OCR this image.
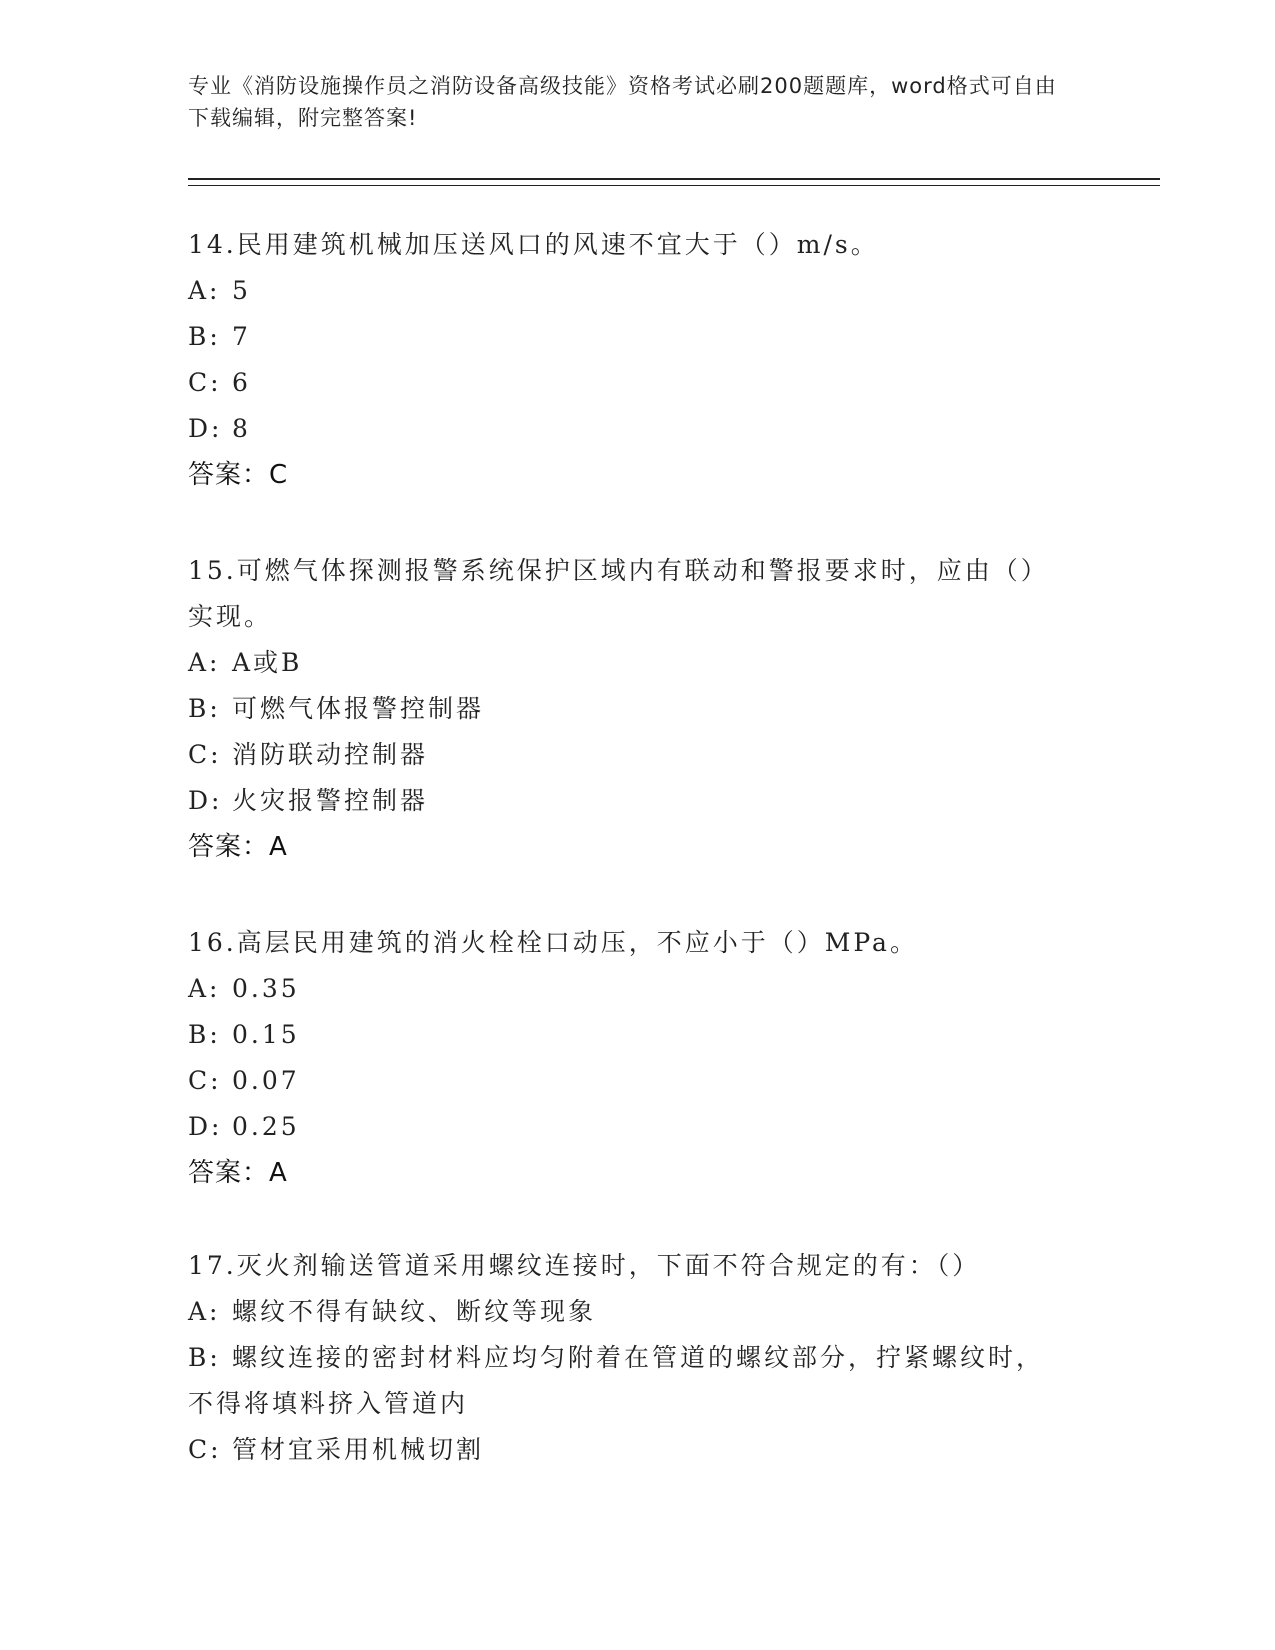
专业《消防设施操作员之消防设备高级技能》资格考试必刷200题题库，word格式可自由下载编辑，附完整答案!
14.民用建筑机械加压送风口的风速不宜大于（）m/s。
A: 5
B: 7
C: 6
D: 8
答案：C
15.可燃气体探测报警系统保护区域内有联动和警报要求时，应由（）
实现。
A: A或B
B: 可燃气体报警控制器
C: 消防联动控制器
D: 火灾报警控制器
答案：A
16.高层民用建筑的消火栓栓口动压，不应小于（）MPa。
A: 0.35
B: 0.15
C: 0.07
D: 0.25
答案：A
17.灭火剂输送管道采用螺纹连接时，下面不符合规定的有：（）
A: 螺纹不得有缺纹、断纹等现象
B: 螺纹连接的密封材料应均匀附着在管道的螺纹部分，拧紧螺纹时，
不得将填料挤入管道内
C: 管材宜采用机械切割
